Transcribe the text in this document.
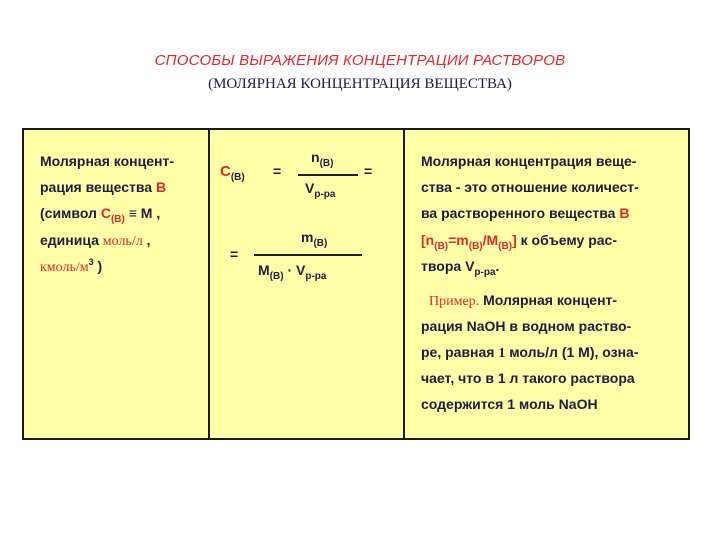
СПОСОБЫ ВЫРАЖЕНИЯ КОНЦЕНТРАЦИИ РАСТВОРОВ
(МОЛЯРНАЯ КОНЦЕНТРАЦИЯ ВЕЩЕСТВА)
Молярная концент-
рация вещества В
(символ $С_{(В)} \equiv М$ ,
единица моль/л ,
кмоль/$м^3$ )
$С_{(В)}$ =
$n_{(В)}$
$V_{р-ра}$
=
=
$m_{(В)}$
$M_{(В)} \cdot V_{р-ра}$
Молярная концентрация веще-
ства - это отношение количест-
ва растворенного вещества В
$[n_{(В)}=m_{(В)}/M_{(В)}]$ к объему рас-
твора $V_{р-ра}$.
Пример. Молярная концент-
рация NaOH в водном раство-
ре, равная 1 моль/л (1 М), озна-
чает, что в 1 л такого раствора
содержится 1 моль NaOH
